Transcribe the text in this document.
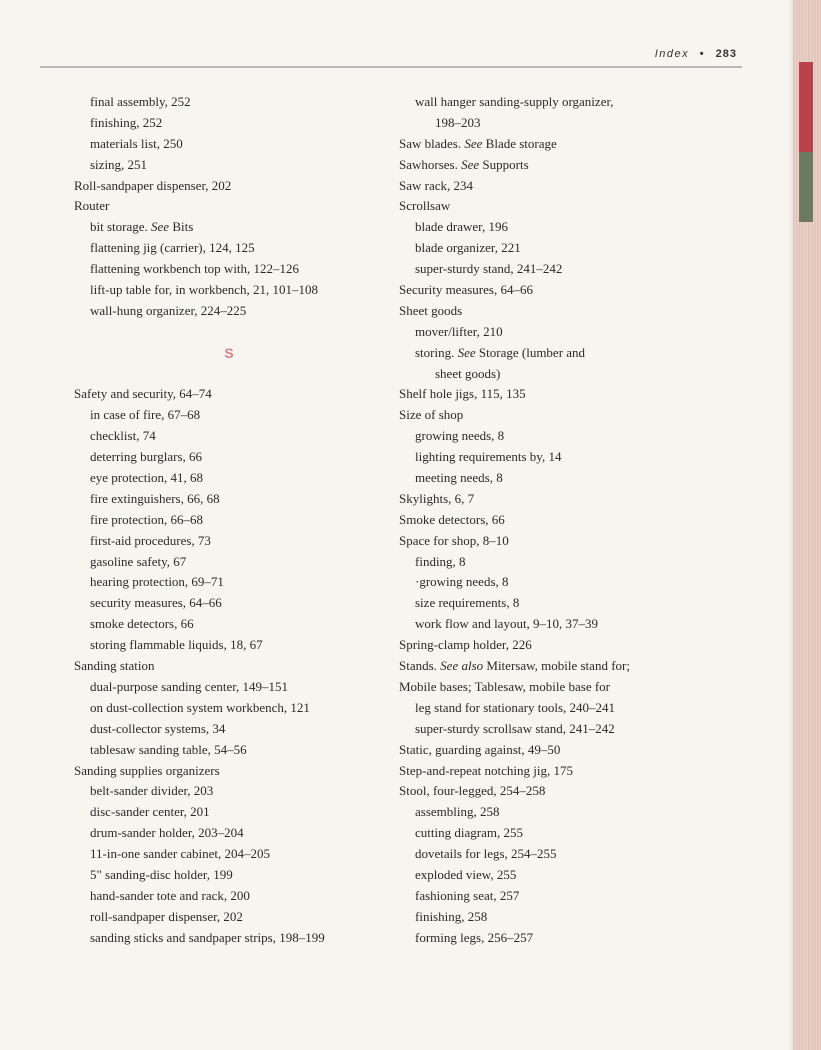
Index • 283
final assembly, 252
finishing, 252
materials list, 250
sizing, 251
Roll-sandpaper dispenser, 202
Router
bit storage. See Bits
flattening jig (carrier), 124, 125
flattening workbench top with, 122–126
lift-up table for, in workbench, 21, 101–108
wall-hung organizer, 224–225
S
Safety and security, 64–74
in case of fire, 67–68
checklist, 74
deterring burglars, 66
eye protection, 41, 68
fire extinguishers, 66, 68
fire protection, 66–68
first-aid procedures, 73
gasoline safety, 67
hearing protection, 69–71
security measures, 64–66
smoke detectors, 66
storing flammable liquids, 18, 67
Sanding station
dual-purpose sanding center, 149–151
on dust-collection system workbench, 121
dust-collector systems, 34
tablesaw sanding table, 54–56
Sanding supplies organizers
belt-sander divider, 203
disc-sander center, 201
drum-sander holder, 203–204
11-in-one sander cabinet, 204–205
5" sanding-disc holder, 199
hand-sander tote and rack, 200
roll-sandpaper dispenser, 202
sanding sticks and sandpaper strips, 198–199
wall hanger sanding-supply organizer,
198–203
Saw blades. See Blade storage
Sawhorses. See Supports
Saw rack, 234
Scrollsaw
blade drawer, 196
blade organizer, 221
super-sturdy stand, 241–242
Security measures, 64–66
Sheet goods
mover/lifter, 210
storing. See Storage (lumber and
sheet goods)
Shelf hole jigs, 115, 135
Size of shop
growing needs, 8
lighting requirements by, 14
meeting needs, 8
Skylights, 6, 7
Smoke detectors, 66
Space for shop, 8–10
finding, 8
·growing needs, 8
size requirements, 8
work flow and layout, 9–10, 37–39
Spring-clamp holder, 226
Stands. See also Mitersaw, mobile stand for;
Mobile bases; Tablesaw, mobile base for
leg stand for stationary tools, 240–241
super-sturdy scrollsaw stand, 241–242
Static, guarding against, 49–50
Step-and-repeat notching jig, 175
Stool, four-legged, 254–258
assembling, 258
cutting diagram, 255
dovetails for legs, 254–255
exploded view, 255
fashioning seat, 257
finishing, 258
forming legs, 256–257
